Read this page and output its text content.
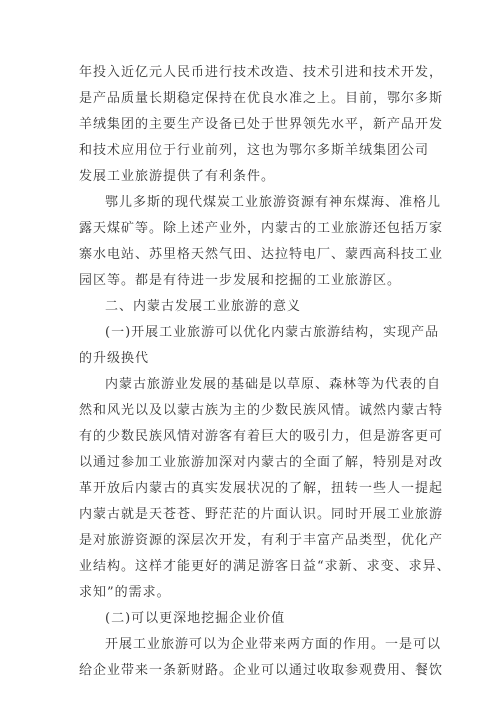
年投入近亿元人民币进行技术改造、技术引进和技术开发，
是产品质量长期稳定保持在优良水准之上。目前，鄂尔多斯
羊绒集团的主要生产设备已处于世界领先水平，新产品开发
和技术应用位于行业前列，这也为鄂尔多斯羊绒集团公司
发展工业旅游提供了有利条件。
鄂儿多斯的现代煤炭工业旅游资源有神东煤海、准格儿
露天煤矿等。除上述产业外，内蒙古的工业旅游还包括万家
寨水电站、苏里格天然气田、达拉特电厂、蒙西高科技工业
园区等。都是有待进一步发展和挖掘的工业旅游区。
二、内蒙古发展工业旅游的意义
(一)开展工业旅游可以优化内蒙古旅游结构，实现产品
的升级换代
内蒙古旅游业发展的基础是以草原、森林等为代表的自
然和风光以及以蒙古族为主的少数民族风情。诚然内蒙古特
有的少数民族风情对游客有着巨大的吸引力，但是游客更可
以通过参加工业旅游加深对内蒙古的全面了解，特别是对改
革开放后内蒙古的真实发展状况的了解，扭转一些人一提起
内蒙古就是天苍苍、野茫茫的片面认识。同时开展工业旅游
是对旅游资源的深层次开发，有利于丰富产品类型，优化产
业结构。这样才能更好的满足游客日益“求新、求变、求异、
求知”的需求。
(二)可以更深地挖掘企业价值
开展工业旅游可以为企业带来两方面的作用。一是可以
给企业带来一条新财路。企业可以通过收取参观费用、餐饮
